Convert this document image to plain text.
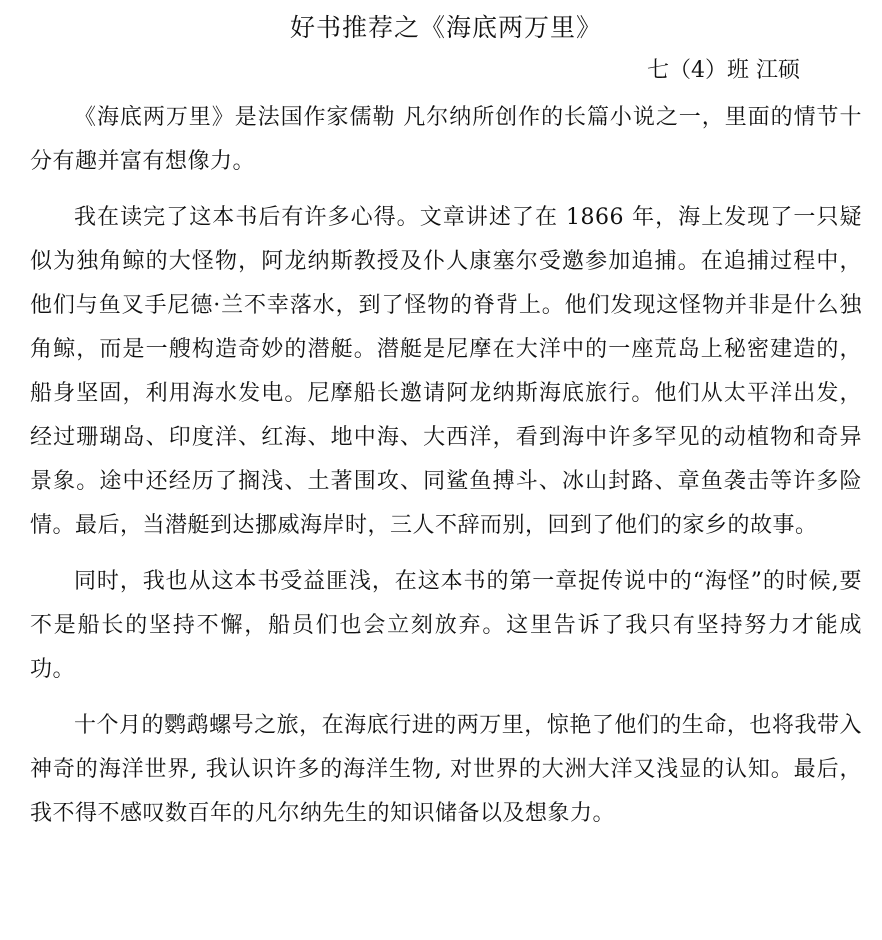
好书推荐之《海底两万里》
七（4）班 江硕

《海底两万里》是法国作家儒勒 凡尔纳所创作的长篇小说之一，里面的情节十分有趣并富有想像力。

我在读完了这本书后有许多心得。文章讲述了在 1866 年，海上发现了一只疑似为独角鲸的大怪物，阿龙纳斯教授及仆人康塞尔受邀参加追捕。在追捕过程中，他们与鱼叉手尼德·兰不幸落水，到了怪物的脊背上。他们发现这怪物并非是什么独角鲸，而是一艘构造奇妙的潜艇。潜艇是尼摩在大洋中的一座荒岛上秘密建造的，船身坚固，利用海水发电。尼摩船长邀请阿龙纳斯海底旅行。他们从太平洋出发，经过珊瑚岛、印度洋、红海、地中海、大西洋，看到海中许多罕见的动植物和奇异景象。途中还经历了搁浅、土著围攻、同鲨鱼搏斗、冰山封路、章鱼袭击等许多险情。最后，当潜艇到达挪威海岸时，三人不辞而别，回到了他们的家乡的故事。

同时，我也从这本书受益匪浅，在这本书的第一章捉传说中的“海怪”的时候,要不是船长的坚持不懈，船员们也会立刻放弃。这里告诉了我只有坚持努力才能成功。

十个月的鹦鹉螺号之旅，在海底行进的两万里，惊艳了他们的生命，也将我带入神奇的海洋世界, 我认识许多的海洋生物, 对世界的大洲大洋又浅显的认知。最后，我不得不感叹数百年的凡尔纳先生的知识储备以及想象力。
